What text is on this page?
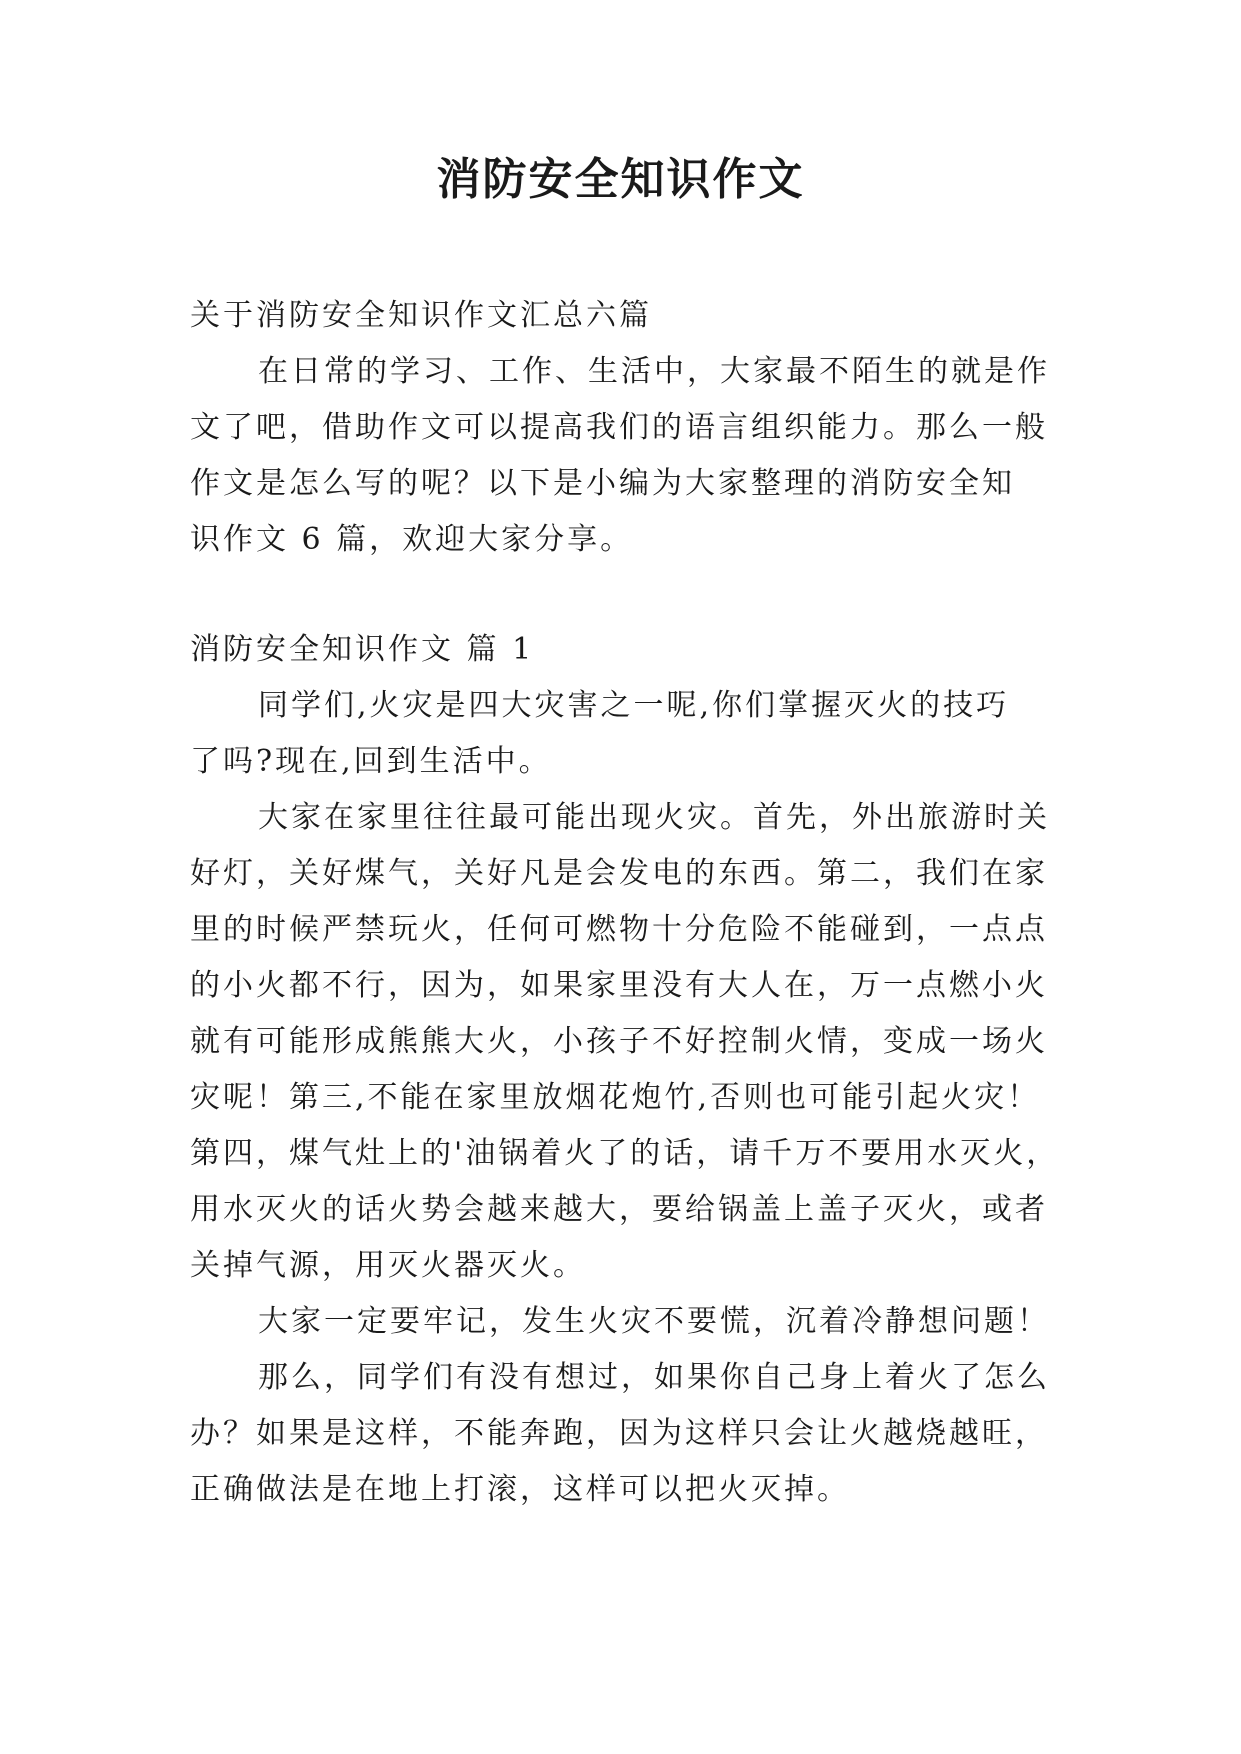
消防安全知识作文
关于消防安全知识作文汇总六篇
在日常的学习、工作、生活中，大家最不陌生的就是作
文了吧，借助作文可以提高我们的语言组织能力。那么一般
作文是怎么写的呢？以下是小编为大家整理的消防安全知
识作文 6 篇，欢迎大家分享。
消防安全知识作文 篇 1
同学们,火灾是四大灾害之一呢,你们掌握灭火的技巧
了吗?现在,回到生活中。
大家在家里往往最可能出现火灾。首先，外出旅游时关
好灯，关好煤气，关好凡是会发电的东西。第二，我们在家
里的时候严禁玩火，任何可燃物十分危险不能碰到，一点点
的小火都不行，因为，如果家里没有大人在，万一点燃小火
就有可能形成熊熊大火，小孩子不好控制火情，变成一场火
灾呢！第三,不能在家里放烟花炮竹,否则也可能引起火灾！
第四，煤气灶上的'油锅着火了的话，请千万不要用水灭火，
用水灭火的话火势会越来越大，要给锅盖上盖子灭火，或者
关掉气源，用灭火器灭火。
大家一定要牢记，发生火灾不要慌，沉着冷静想问题！
那么，同学们有没有想过，如果你自己身上着火了怎么
办？如果是这样，不能奔跑，因为这样只会让火越烧越旺，
正确做法是在地上打滚，这样可以把火灭掉。
